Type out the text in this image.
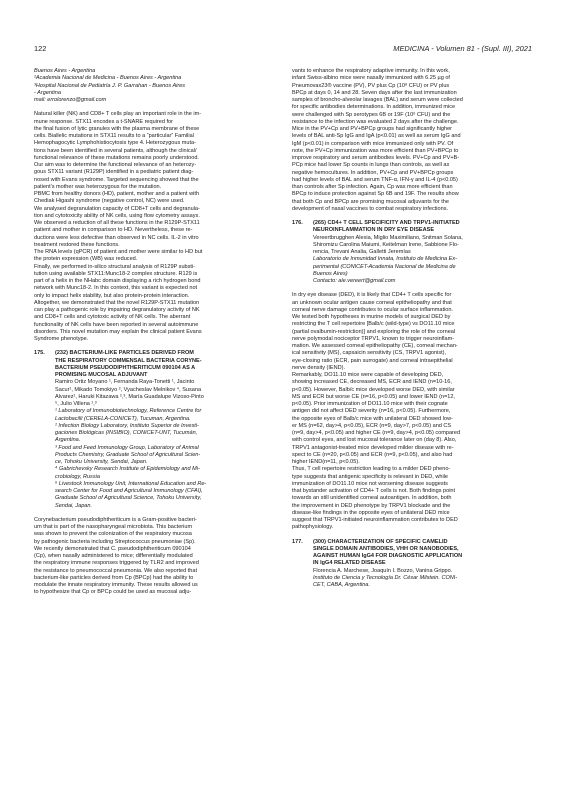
122	MEDICINA - Volumen 81 - (Supl. III), 2021
Buenos Aires - Argentina
²Academia Nacional de Medicina - Buenos Aires - Argentina
³Hospital Nacional de Pediatría J. P. Garrahan - Buenos Aires
- Argentina
mail: errolorenzo@gmail.com
Natural killer (NK) and CD8+ T cells play an important role in the im-
mune response. STX11 encodes a t-SNARE required for
the final fusion of lytic granules with the plasma membrane of these
cells. Biallelic mutations in STX11 results to a “particular” Familial
Hemophagocytic Lymphohistiocytosis type 4. Heterozygous muta-
tions have been identified in several patients, although the clinical/
functional relevance of these mutations remains poorly understood.
Our aim was to determine the functional relevance of an heterozy-
gous STX11 variant (R129P) identified in a pediatric patient diag-
nosed with Evans syndrome. Targeted sequencing showed that the
patient's mother was heterozygous for the mutation.
PBMC from healthy donors (HD), patient, mother and a patient with
Chediak Higashi syndrome (negative control, NC) were used.
We analysed degranulation capacity of CD8+T cells and degranula-
tion and cytotoxicity ability of NK cells, using flow cytometry assays.
We observed a reduction of all these functions in the R129P-STX11
patient and mother in comparison to HD. Nevertheless, these re-
ductions were less defective than observed in NC cells. IL-2 in vitro
treatment restored these functions.
The RNA levels (qPCR) of patient and mother were similar to HD but
the protein expression (WB) was reduced.
Finally, we performed in-silico structural analysis of R129P substi-
tution using available STX11:Munc18-2 complex structure. R129 is
part of a helix in the NHabc domain displaying a rich hydrogen bond
network with Munc18-2. In this context, this variant is expected not
only to impact helix stability, but also protein-protein interaction.
Altogether, we demonstrated that the novel R129P-STX11 mutation
can play a pathogenic role by impairing degranulatory activity of NK
and CD8+T cells and cytotoxic activity of NK cells. The aberrant
functionality of NK cells have been reported in several autoimmune
disorders. This novel mutation may explain the clinical patient Evans
Syndrome phenotype.
175.	(232) BACTERIUM-LIKE PARTICLES DERIVED FROM
THE RESPIRATORY COMMENSAL BACTERIA CORYNE-
BACTERIUM PSEUDODIPHTHERITICUM 090104 AS A
PROMISING MUCOSAL ADJUVANT
Ramiro Ortiz Moyano ¹, Fernanda Raya-Tonetti ¹, Jacinto
Sacur¹, Mikado Tomokiyo ², Vyacheslav Melnikov ⁴, Susana
Alvarez¹, Haruki Kitazawa ²,³, María Guadalupe Vizoso-Pinto
⁵, Julio Villena ¹,³
¹ Laboratory of Immunobiotechnology, Reference Centre for
Lactobacilli (CERELA-CONICET), Tucuman, Argentina.
² Infection Biology Laboratory, Instituto Superior de Investi-
gaciones Biológicas (INSIBIO), CONICET-UNT, Tucumán,
Argentina.
³ Food and Feed Immunology Group, Laboratory of Animal
Products Chemistry, Graduate School of Agricultural Scien-
ce, Tohoku University, Sendai, Japan.
⁴ Gabrichevsky Research Institute of Epidemiology and Mi-
crobiology, Russia
⁵ Livestock Immunology Unit, International Education and Re-
search Center for Food and Agricultural Immunology (CFAI),
Graduate School of Agricultural Science, Tohoku University,
Sendai, Japan.
Corynebacterium pseudodiphtheriticum is a Gram-positive bacteri-
um that is part of the nasopharyngeal microbiota. This bacterium
was shown to prevent the colonization of the respiratory mucosa
by pathogenic bacteria including Streptococcus pneumoniae (Sp).
We recently demonstrated that C. pseudodiphtheriticum 090104
(Cp), when nasally administered to mice; differentially modulated
the respiratory immune responses triggered by TLR2 and improved
the resistance to pneumococcal pneumonia. We also reported that
bacterium-like particles derived from Cp (BPCp) had the ability to
modulate the innate respiratory immunity. These results allowed us
to hypothesize that Cp or BPCp could be used as mucosal adju-
vants to enhance the respiratory adaptive immunity. In this work,
infant Swiss-albino mice were nasally immunized with 6.25 µg of
Pneumovax23® vaccine (PV), PV plus Cp (10⁸ CFU) or PV plus
BPCp at days 0, 14 and 28. Seven days after the last immunization
samples of broncho-alveolar lavages (BAL) and serum were collected
for specific antibodies determinations. In addition, immunized mice
were challenged with Sp serotypes 6B or 19F (10⁶ CFU) and the
resistance to the infection was evaluated 2 days after the challenge.
Mice in the PV+Cp and PV+BPCp groups had significantly higher
levels of BAL anti-Sp IgG and IgA (p<0.01) as well as serum IgG and
IgM (p<0.01) in comparison with mice immunized only with PV. Of
note, the PV+Cp immunization was more efficient than PV+BPCp to
improve respiratory and serum antibodies levels. PV+Cp and PV+B-
PCp mice had lower Sp counts in lungs than controls, as well as
negative hemocultures. In addition, PV+Cp and PV+BPCp groups
had higher levels of BAL and serum TNF-α, IFN-γ and IL-4 (p<0.05)
than controls after Sp infection. Again, Cp was more efficient than
BPCp to induce protection against Sp 6B and 19F. The results show
that both Cp and BPCp are promising mucosal adjuvants for the
development of nasal vaccines to combat respiratory infections.
176.	(265) CD4+ T CELL SPECIFICITY AND TRPV1-INITIATED
NEUROINFLAMMATION IN DRY EYE DISEASE
Vereertbrugghen Alexia, Miglio Maximiliano, Snitman Solana,
Shiromizu Carolina Maiumi, Keitelman Irene, Sabbione Flo-
rencia, Trevani Analia, Galletti Jeremías
Laboratorio de Inmunidad Innata, Instituto de Medicina Ex-
perimental (CONICET-Academia Nacional de Medicina de
Buenos Aires)
Contacto: ale.vereert@gmail.com
In dry eye disease (DED), it is likely that CD4+ T cells specific for
an unknown ocular antigen cause corneal epitheliopathy and that
corneal nerve damage contributes to ocular surface inflammation.
We tested both hypotheses in murine models of surgical DED by
restricting the T cell repertoire [Balb/c (wild-type) vs DO11.10 mice
(partial ovalbumin-restriction)] and exploring the role of the corneal
nerve polymodal nociceptor TRPV1, known to trigger neuroinflam-
mation. We assessed corneal epitheliopathy (CE), corneal mechan-
ical sensitivity (MS), capsaicin sensitivity (CS, TRPV1 agonist),
eye-closing ratio (ECR, pain surrogate) and corneal intraepithelial
nerve density (IEND).
Remarkably, DO11.10 mice were capable of developing DED,
showing increased CE, decreased MS, ECR and IEND (n=10-16,
p<0.05). However, Balb/c mice developed worse DED, with similar
MS and ECR but worse CE (n=16, p<0.05) and lower IEND (n=12,
p<0.05). Prior immunization of DO11.10 mice with their cognate
antigen did not affect DED severity (n=16, p<0.05). Furthermore,
the opposite eyes of Balb/c mice with unilateral DED showed low-
er MS (n=62, day>4, p<0.05), ECR (n=9, day>7, p<0.05) and CS
(n=9, day>4, p<0.05) and higher CE (n=9, day>4, p<0.05) compared
with control eyes, and lost mucosal tolerance later on (day 8). Also,
TRPV1 antagonist-treated mice developed milder disease with re-
spect to CE (n=20, p<0.05) and ECR (n=9, p<0.05), and also had
higher IEND(n=11, p<0.05).
Thus, T cell repertoire restriction leading to a milder DED pheno-
type suggests that antigenic specificity is relevant in DED, while
immunization of DO11.10 mice not worsening disease suggests
that bystander activation of CD4+ T cells is not. Both findings point
towards an still unidentified corneal autoantigen. In addition, both
the improvement in DED phenotype by TRPV1 blockade and the
disease-like findings in the opposite eyes of unilateral DED mice
suggest that TRPV1-initiated neuroinflammation contributes to DED
pathophysiology.
177.	(300) CHARACTERIZATION OF SPECIFIC CAMELID
SINGLE DOMAIN ANTIBODIES, VHH OR NANOBODIES,
AGAINST HUMAN IgG4 FOR DIAGNOSTIC APPLICATION
IN IgG4 RELATED DISEASE
Florencia A. Marchese, Joaquín I. Bozzo, Vanina Grippo.
Instituto de Ciencia y Tecnología Dr. César Milstein. CONI-
CET, CABA, Argentina.
